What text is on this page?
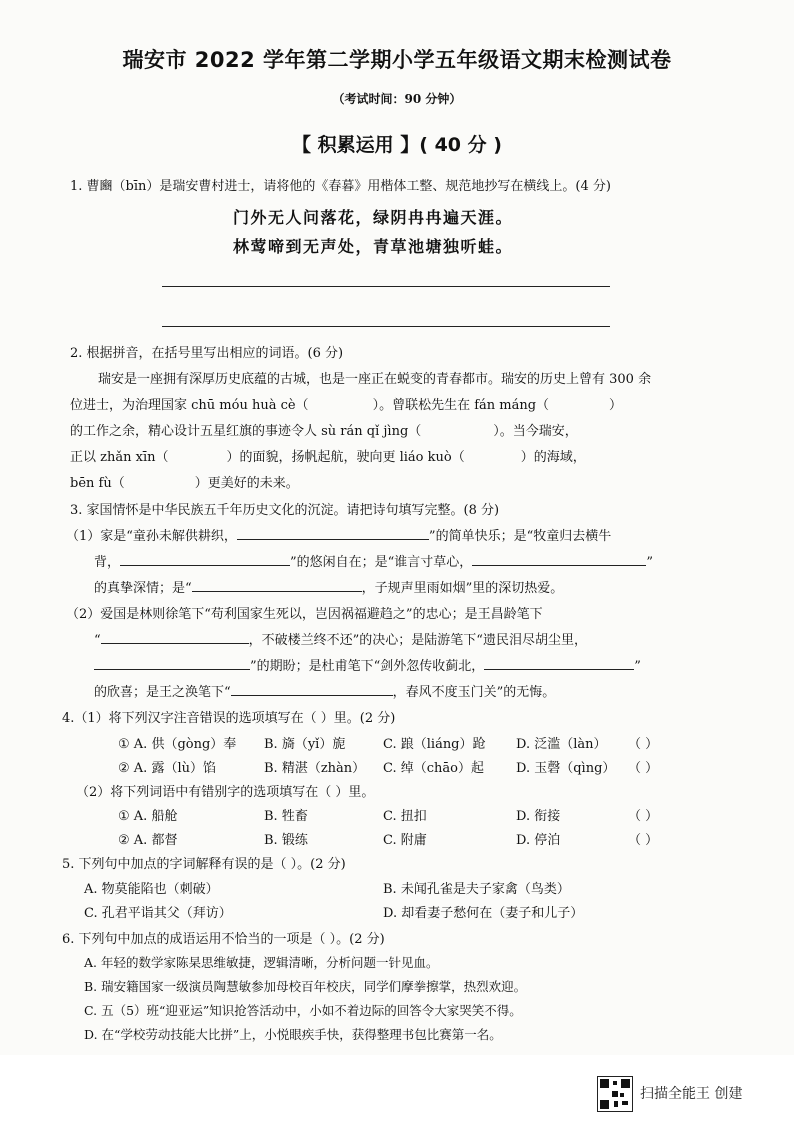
瑞安市 2022 学年第二学期小学五年级语文期末检测试卷
（考试时间：90 分钟）
【 积累运用 】( 40 分 )
1. 曹豳（bīn）是瑞安曹村进士，请将他的《春暮》用楷体工整、规范地抄写在横线上。(4 分)
门外无人问落花，绿阴冉冉遍天涯。
林莺啼到无声处，青草池塘独听蛙。
2. 根据拼音，在括号里写出相应的词语。(6 分)
瑞安是一座拥有深厚历史底蕴的古城，也是一座正在蜕变的青春都市。瑞安的历史上曾有 300 余
位进士，为治理国家 chū móu huà cè（	）。曾联松先生在 fán máng（	）
的工作之余，精心设计五星红旗的事迹令人 sù rán qǐ jìng（	）。当今瑞安，
正以 zhǎn xīn（	）的面貌，扬帆起航，驶向更 liáo kuò（	）的海域，
bēn fù（	）更美好的未来。
3. 家国情怀是中华民族五千年历史文化的沉淀。请把诗句填写完整。(8 分)
（1）家是“童孙未解供耕织，	”的简单快乐；是“牧童归去横牛
背，	”的悠闲自在；是“谁言寸草心，	”
的真挚深情；是“	，子规声里雨如烟”里的深切热爱。
（2）爱国是林则徐笔下“苟利国家生死以，岂因祸福避趋之”的忠心；是王昌龄笔下
“	，不破楼兰终不还”的决心；是陆游笔下“遗民泪尽胡尘里，
”的期盼；是杜甫笔下“剑外忽传收蓟北，	”
的欣喜；是王之涣笔下“	，春风不度玉门关”的无悔。
4.（1）将下列汉字注音错误的选项填写在（ ）里。(2 分)
① A. 供（gòng）奉 B. 旖（yǐ）旎	C. 踉（liáng）跄 D. 泛滥（làn） （ ）
② A. 露（lù）馅	B. 精湛（zhàn） C. 绰（chāo）起 D. 玉磬（qìng） （ ）
（2）将下列词语中有错别字的选项填写在（ ）里。
① A. 船舱	B. 牲畜	C. 扭扣	D. 衔接	（ ）
② A. 都督	B. 锻练	C. 附庸	D. 停泊	（ ）
5. 下列句中加点的字词解释有误的是（ ）。(2 分)
A. 物莫能陷也（刺破）	B. 未闻孔雀是夫子家禽（鸟类）
C. 孔君平诣其父（拜访）	D. 却看妻子愁何在（妻子和儿子）
6. 下列句中加点的成语运用不恰当的一项是（ ）。(2 分)
A. 年轻的数学家陈杲思维敏捷，逻辑清晰，分析问题一针见血。
B. 瑞安籍国家一级演员陶慧敏参加母校百年校庆，同学们摩拳擦掌，热烈欢迎。
C. 五（5）班“迎亚运”知识抢答活动中，小如不着边际的回答令大家哭笑不得。
D. 在“学校劳动技能大比拼”上，小悦眼疾手快，获得整理书包比赛第一名。
扫描全能王 创建
